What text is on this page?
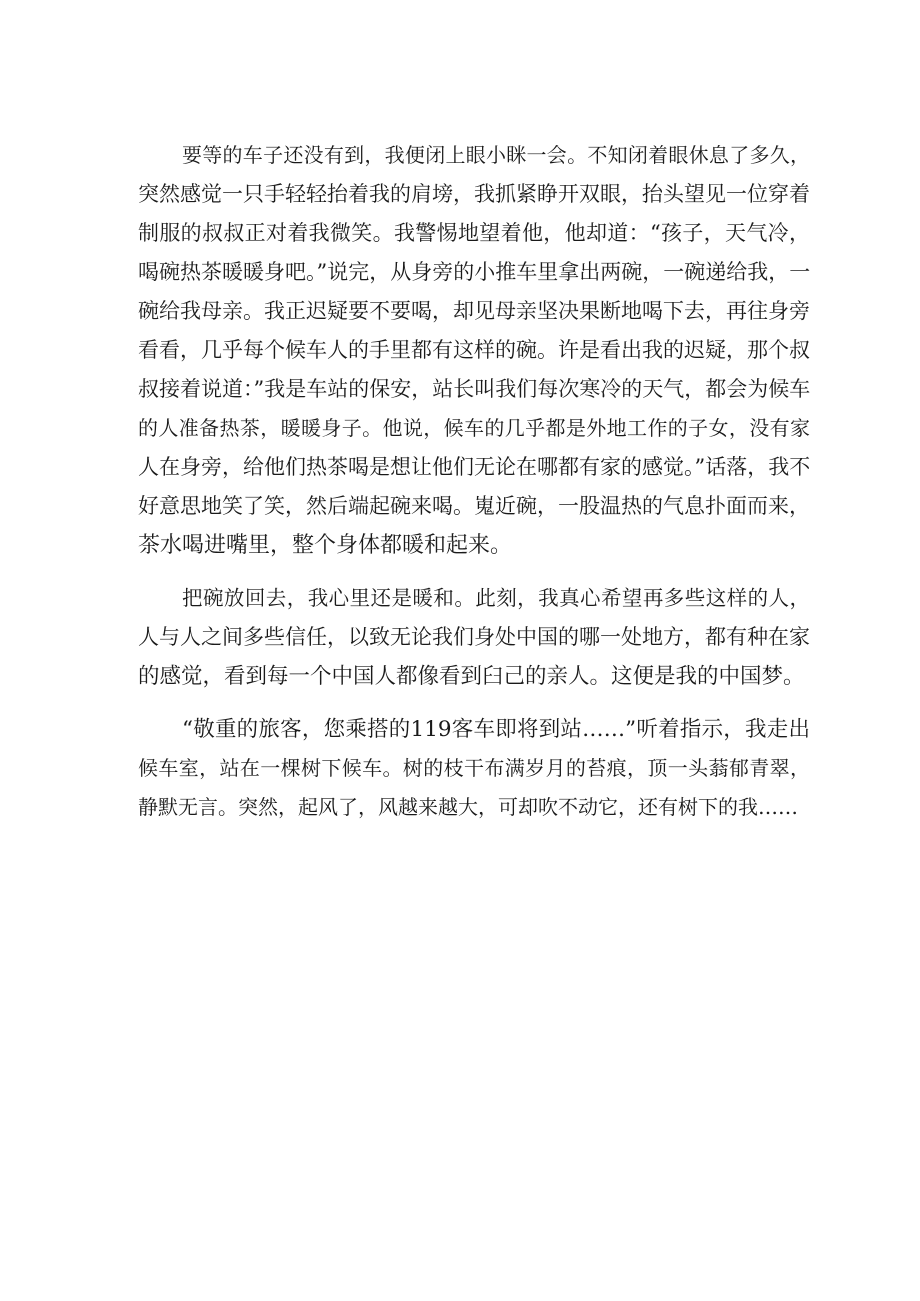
要等的车子还没有到，我便闭上眼小眯一会。不知闭着眼休息了多久，
突然感觉一只手轻轻抬着我的肩塝，我抓紧睁开双眼，抬头望见一位穿着
制服的叔叔正对着我微笑。我警惕地望着他，他却道：“孩子，天气冷，
喝碗热茶暖暖身吧。”说完，从身旁的小推车里拿出两碗，一碗递给我，一
碗给我母亲。我正迟疑要不要喝，却见母亲坚决果断地喝下去，再往身旁
看看，几乎每个候车人的手里都有这样的碗。许是看出我的迟疑，那个叔
叔接着说道：”我是车站的保安，站长叫我们每次寒冷的天气，都会为候车
的人准备热茶，暖暖身子。他说，候车的几乎都是外地工作的子女，没有家
人在身旁，给他们热茶喝是想让他们无论在哪都有家的感觉。”话落，我不
好意思地笑了笑，然后端起碗来喝。嵬近碗，一股温热的气息扑面而来，
茶水喝进嘴里，整个身体都暖和起来。

把碗放回去，我心里还是暖和。此刻，我真心希望再多些这样的人，
人与人之间多些信任，以致无论我们身处中国的哪一处地方，都有种在家
的感觉，看到每一个中国人都像看到臼己的亲人。这便是我的中国梦。

“敬重的旅客，您乘搭的119客车即将到站……”听着指示，我走出
候车室，站在一棵树下候车。树的枝干布满岁月的苔痕，顶一头蓊郁青翠，
静默无言。突然，起风了，风越来越大，可却吹不动它，还有树下的我……
